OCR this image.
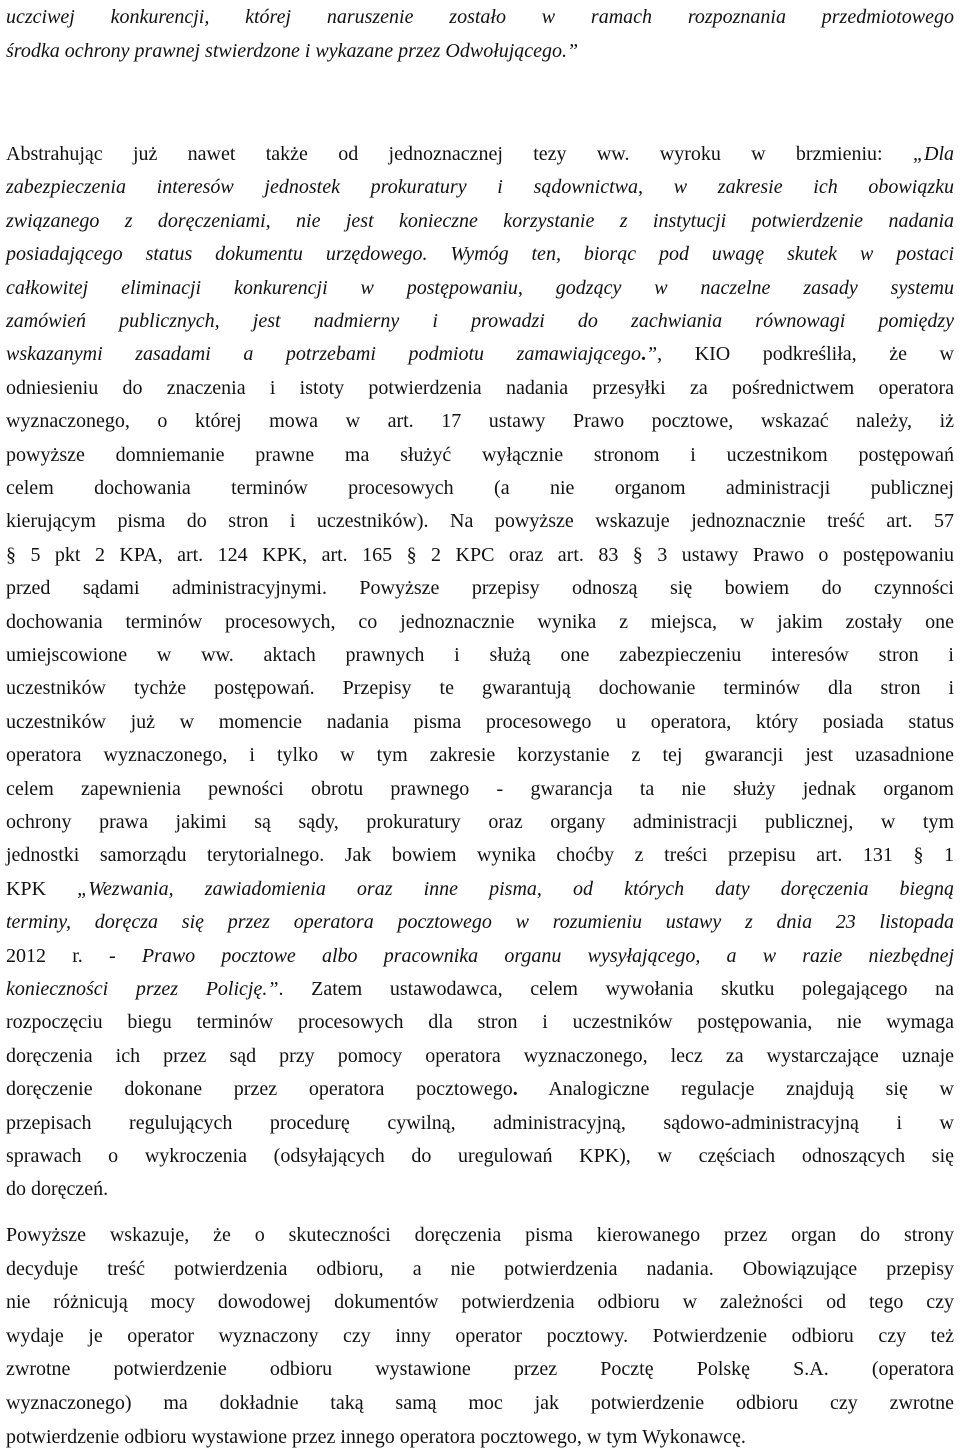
uczciwej konkurencji, której naruszenie zostało w ramach rozpoznania przedmiotowego
środka ochrony prawnej stwierdzone i wykazane przez Odwołującego.”
Abstrahując już nawet także od jednoznacznej tezy ww. wyroku w brzmieniu: „Dla
zabezpieczenia interesów jednostek prokuratury i sądownictwa, w zakresie ich obowiązku
związanego z doręczeniami, nie jest konieczne korzystanie z instytucji potwierdzenie nadania
posiadającego status dokumentu urzędowego. Wymóg ten, biorąc pod uwagę skutek w postaci
całkowitej eliminacji konkurencji w postępowaniu, godzący w naczelne zasady systemu
zamówień publicznych, jest nadmierny i prowadzi do zachwiania równowagi pomiędzy
wskazanymi zasadami a potrzebami podmiotu zamawiającego.”, KIO podkreśliła, że w
odniesieniu do znaczenia i istoty potwierdzenia nadania przesyłki za pośrednictwem operatora
wyznaczonego, o której mowa w art. 17 ustawy Prawo pocztowe, wskazać należy, iż
powyższe domniemanie prawne ma służyć wyłącznie stronom i uczestnikom postępowań
celem dochowania terminów procesowych (a nie organom administracji publicznej
kierującym pisma do stron i uczestników). Na powyższe wskazuje jednoznacznie treść art. 57
§ 5 pkt 2 KPA, art. 124 KPK, art. 165 § 2 KPC oraz art. 83 § 3 ustawy Prawo o postępowaniu
przed sądami administracyjnymi. Powyższe przepisy odnoszą się bowiem do czynności
dochowania terminów procesowych, co jednoznacznie wynika z miejsca, w jakim zostały one
umiejscowione w ww. aktach prawnych i służą one zabezpieczeniu interesów stron i
uczestników tychże postępowań. Przepisy te gwarantują dochowanie terminów dla stron i
uczestników już w momencie nadania pisma procesowego u operatora, który posiada status
operatora wyznaczonego, i tylko w tym zakresie korzystanie z tej gwarancji jest uzasadnione
celem zapewnienia pewności obrotu prawnego - gwarancja ta nie służy jednak organom
ochrony prawa jakimi są sądy, prokuratury oraz organy administracji publicznej, w tym
jednostki samorządu terytorialnego. Jak bowiem wynika choćby z treści przepisu art. 131 § 1
KPK „Wezwania, zawiadomienia oraz inne pisma, od których daty doręczenia biegną
terminy, doręcza się przez operatora pocztowego w rozumieniu ustawy z dnia 23 listopada
2012 r. - Prawo pocztowe albo pracownika organu wysyłającego, a w razie niezbędnej
konieczności przez Policję.”. Zatem ustawodawca, celem wywołania skutku polegającego na
rozpoczęciu biegu terminów procesowych dla stron i uczestników postępowania, nie wymaga
doręczenia ich przez sąd przy pomocy operatora wyznaczonego, lecz za wystarczające uznaje
doręczenie dokonane przez operatora pocztowego. Analogiczne regulacje znajdują się w
przepisach regulujących procedurę cywilną, administracyjną, sądowo-administracyjną i w
sprawach o wykroczenia (odsyłających do uregulowań KPK), w częściach odnoszących się
do doręczeń.
Powyższe wskazuje, że o skuteczności doręczenia pisma kierowanego przez organ do strony
decyduje treść potwierdzenia odbioru, a nie potwierdzenia nadania. Obowiązujące przepisy
nie różnicują mocy dowodowej dokumentów potwierdzenia odbioru w zależności od tego czy
wydaje je operator wyznaczony czy inny operator pocztowy. Potwierdzenie odbioru czy też
zwrotne potwierdzenie odbioru wystawione przez Pocztę Polskę S.A. (operatora
wyznaczonego) ma dokładnie taką samą moc jak potwierdzenie odbioru czy zwrotne
potwierdzenie odbioru wystawione przez innego operatora pocztowego, w tym Wykonawcę.
